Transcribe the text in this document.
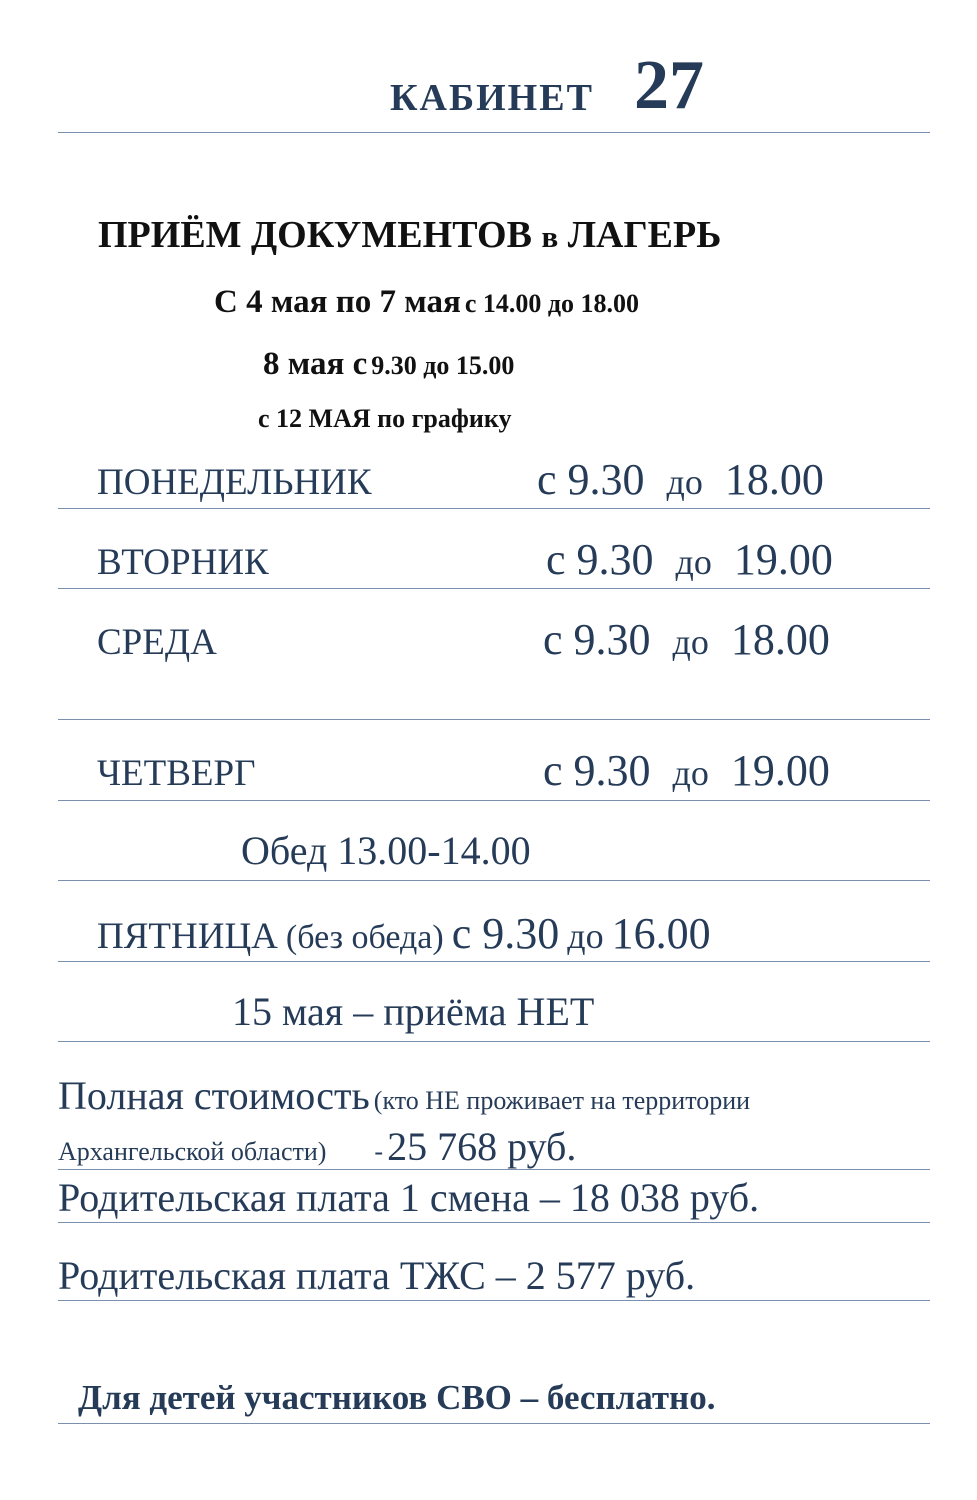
КАБИНЕТ 27
ПРИЁМ ДОКУМЕНТОВ в ЛАГЕРЬ
С 4 мая по 7 мая с 14.00 до 18.00
8 мая с 9.30 до 15.00
с 12 МАЯ по графику
ПОНЕДЕЛЬНИК	с 9.30 до 18.00
ВТОРНИК	с 9.30 до 19.00
СРЕДА	с 9.30 до 18.00
ЧЕТВЕРГ	с 9.30 до 19.00
Обед 13.00-14.00
ПЯТНИЦА (без обеда) с 9.30 до 16.00
15 мая – приёма НЕТ
Полная стоимость (кто НЕ проживает на территории
Архангельской области) - 25 768 руб.
Родительская плата 1 смена – 18 038 руб.
Родительская плата ТЖС – 2 577 руб.
Для детей участников СВО – бесплатно.
